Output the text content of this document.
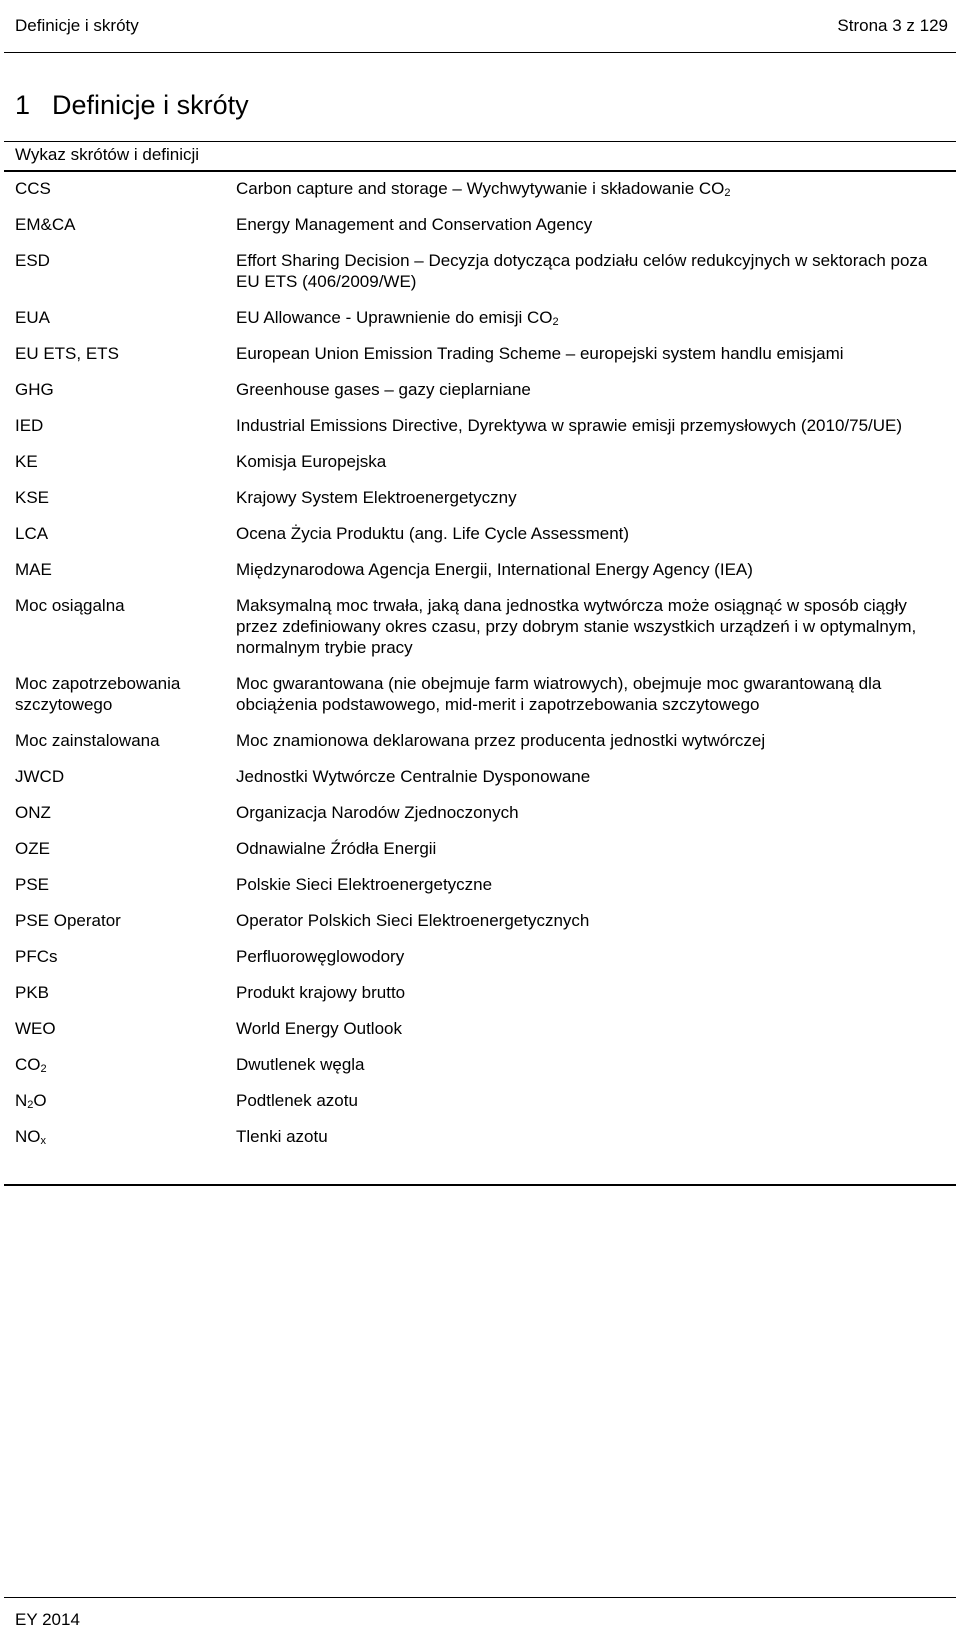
Definicje i skróty	Strona 3 z 129
1 Definicje i skróty
Wykaz skrótów i definicji
CCS	Carbon capture and storage – Wychwytywanie i składowanie $CO_2$
EM&CA	Energy Management and Conservation Agency
ESD	Effort Sharing Decision – Decyzja dotycząca podziału celów redukcyjnych w sektorach poza EU ETS (406/2009/WE)
EUA	EU Allowance - Uprawnienie do emisji $CO_2$
EU ETS, ETS	European Union Emission Trading Scheme – europejski system handlu emisjami
GHG	Greenhouse gases – gazy cieplarniane
IED	Industrial Emissions Directive, Dyrektywa w sprawie emisji przemysłowych (2010/75/UE)
KE	Komisja Europejska
KSE	Krajowy System Elektroenergetyczny
LCA	Ocena Życia Produktu (ang. Life Cycle Assessment)
MAE	Międzynarodowa Agencja Energii, International Energy Agency (IEA)
Moc osiągalna	Maksymalną moc trwała, jaką dana jednostka wytwórcza może osiągnąć w sposób ciągły przez zdefiniowany okres czasu, przy dobrym stanie wszystkich urządzeń i w optymalnym, normalnym trybie pracy
Moc zapotrzebowania szczytowego	Moc gwarantowana (nie obejmuje farm wiatrowych), obejmuje moc gwarantowaną dla obciążenia podstawowego, mid-merit i zapotrzebowania szczytowego
Moc zainstalowana	Moc znamionowa deklarowana przez producenta jednostki wytwórczej
JWCD	Jednostki Wytwórcze Centralnie Dysponowane
ONZ	Organizacja Narodów Zjednoczonych
OZE	Odnawialne Źródła Energii
PSE	Polskie Sieci Elektroenergetyczne
PSE Operator	Operator Polskich Sieci Elektroenergetycznych
PFCs	Perfluorowęglowodory
PKB	Produkt krajowy brutto
WEO	World Energy Outlook
$CO_2$	Dwutlenek węgla
$N_2O$	Podtlenek azotu
$NO_x$	Tlenki azotu
EY 2014
